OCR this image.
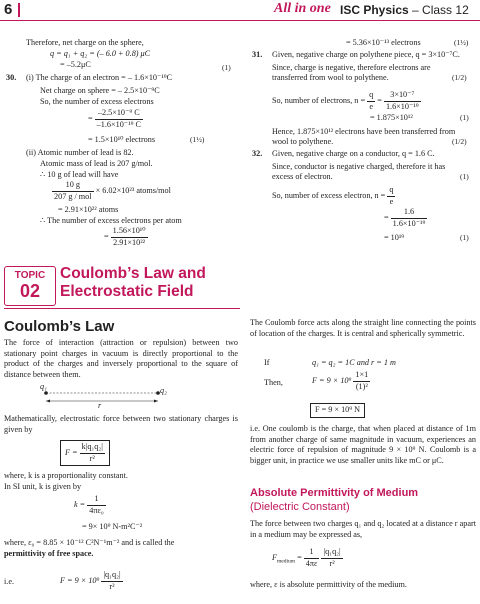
6	All in one ISC Physics – Class 12
Therefore, net charge on the sphere,
q = q₁ + q₂ = (– 6.0 + 0.8) μC
= –5.2μC	(1)
30. (i) The charge of an electron = – 1.6×10⁻¹⁹C
Net charge on sphere = – 2.5×10⁻⁹C
So, the number of excess electrons
= $\frac{\text{–2.5×10⁻⁹ C}}{\text{–1.6×10⁻¹⁹ C}}$
= 1.5×10¹⁰ electrons	(1½)
(ii) Atomic number of lead is 82.
Atomic mass of lead is 207 g/mol.
∴ 10 g of lead will have
$\frac{10 g}{\text{207 g / mol}} \times 6.02\times 10^{23}$ atoms/mol
= 2.91×10²² atoms
∴ The number of excess electrons per atom
= $\frac{\text{1.56×10¹⁰}}{\text{2.91×10²²}}$
= 5.36×10⁻¹³ electrons	(1½)
31. Given, negative charge on polythene piece, q = 3×10⁻⁷C.
Since, charge is negative, therefore electrons are
transferred from wool to polythene.	(1/2)
So, number of electrons, $n = \frac{q}{e} = \frac{\text{3×10⁻⁷}}{\text{1.6×10⁻¹⁹}}$
= 1.875×10¹²	(1)
Hence, 1.875×10¹² electrons have been transferred from
wool to polythene.	(1/2)
32. Given, negative charge on a conductor, q = 1.6 C.
Since, conductor is negative charged, therefore it has
excess of electron.	(1)
So, number of excess electron, $n = \frac{q}{e}$
= $\frac{1.6}{\text{1.6×10⁻¹⁹}}$
= 10¹⁹	(1)
TOPIC
02
Coulomb’s Law and
Electrostatic Field
Coulomb’s Law
The force of interaction (attraction or repulsion) between two stationary point charges in vacuum is directly proportional to the product of the charges and inversely proportional to the square of distance between them.
q₁	q₂
r
Mathematically, electrostatic force between two stationary charges is given by
$F = \frac{\text{k|q₁q₂|}}{\text{r²}}$
where, k is a proportionality constant.
In SI unit, k is given by
$k = \frac{1}{\text{4πε₀}}$
= 9× 10⁹ N-m²C⁻²
where, ε₀ = 8.85 × 10⁻¹² C²N⁻¹m⁻² and is called the
permittivity of free space.
i.e.	$F = 9 \times 10^9 \frac{\text{|q₁q₂|}}{\text{r²}}$
The Coulomb force acts along the straight line connecting the points of location of the charges. It is central and spherically symmetric.
If	q₁ = q₂ = 1C and r = 1 m
Then,	$F = 9 \times 10^9 \frac{1\times 1}{\text{(1)²}}$
F = 9 × 10⁹ N
i.e. One coulomb is the charge, that when placed at distance of 1m from another charge of same magnitude in vacuum, experiences an electric force of repulsion of magnitude 9 × 10⁹ N. Coulomb is a bigger unit, in practice we use smaller units like mC or μC.
Absolute Permittivity of Medium
(Dielectric Constant)
The force between two charges q₁ and q₂ located at a distance r apart in a medium may be expressed as,
$F_{medium} = \frac{1}{4\pi\varepsilon}$
$\frac{\text{|q₁q₂|}}{\text{r²}}$
where, ε is absolute permittivity of the medium.
